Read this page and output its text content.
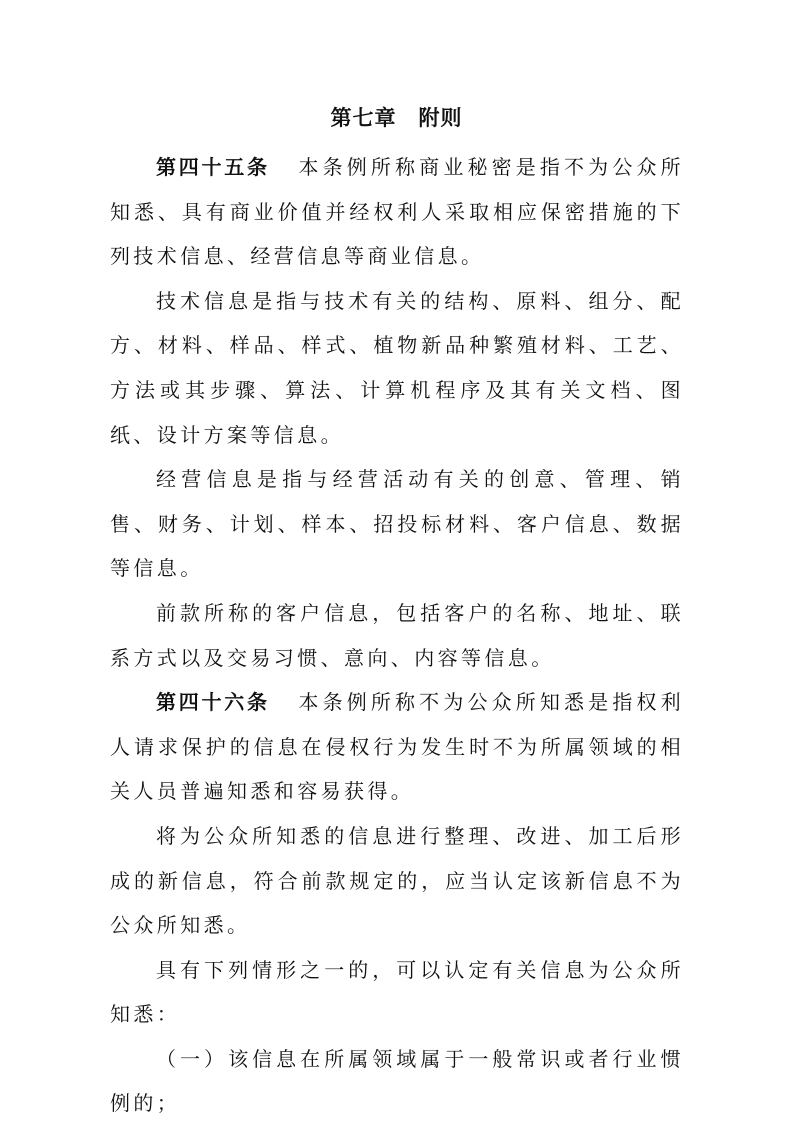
第七章 附则

第四十五条 本条例所称商业秘密是指不为公众所知悉、具有商业价值并经权利人采取相应保密措施的下列技术信息、经营信息等商业信息。

技术信息是指与技术有关的结构、原料、组分、配方、材料、样品、样式、植物新品种繁殖材料、工艺、方法或其步骤、算法、计算机程序及其有关文档、图纸、设计方案等信息。

经营信息是指与经营活动有关的创意、管理、销售、财务、计划、样本、招投标材料、客户信息、数据等信息。

前款所称的客户信息，包括客户的名称、地址、联系方式以及交易习惯、意向、内容等信息。

第四十六条 本条例所称不为公众所知悉是指权利人请求保护的信息在侵权行为发生时不为所属领域的相关人员普遍知悉和容易获得。

将为公众所知悉的信息进行整理、改进、加工后形成的新信息，符合前款规定的，应当认定该新信息不为公众所知悉。

具有下列情形之一的，可以认定有关信息为公众所知悉：

（一）该信息在所属领域属于一般常识或者行业惯例的；
